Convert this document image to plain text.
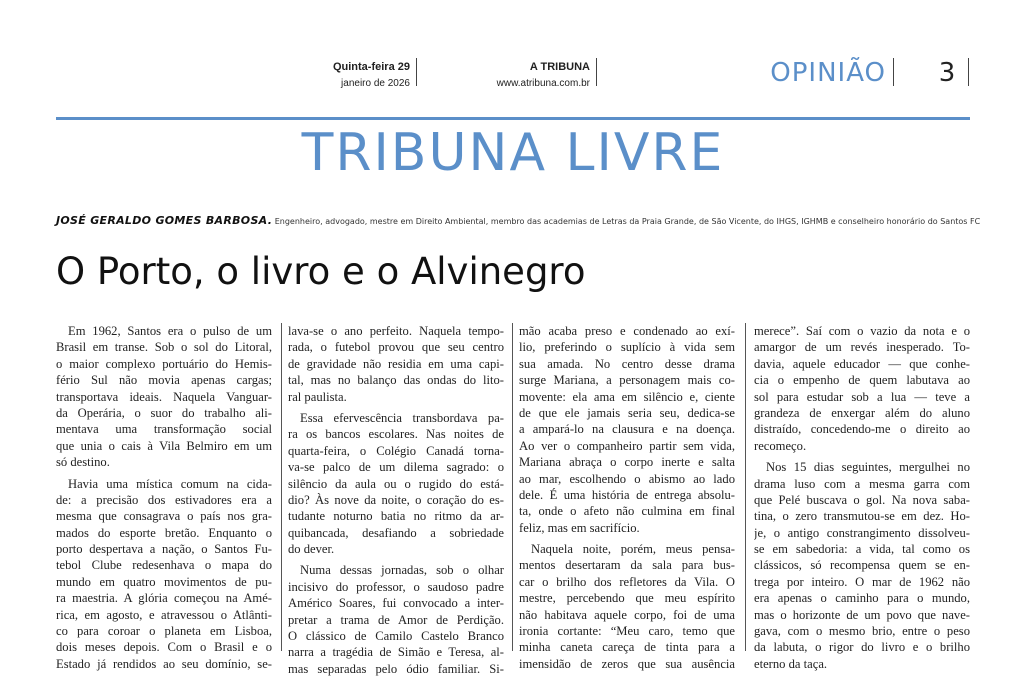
Quinta-feira 29
janeiro de 2026
A TRIBUNA
www.atribuna.com.br	OPINIÃO 3
TRIBUNA LIVRE
JOSÉ GERALDO GOMES BARBOSA. Engenheiro, advogado, mestre em Direito Ambiental, membro das academias de Letras da Praia Grande, de São Vicente, do IHGS, IGHMB e conselheiro honorário do Santos FC
O Porto, o livro e o Alvinegro
Em 1962, Santos era o pulso de um
Brasil em transe. Sob o sol do Litoral,
o maior complexo portuário do Hemis-
fério Sul não movia apenas cargas;
transportava ideais. Naquela Vanguar-
da Operária, o suor do trabalho ali-
mentava uma transformação social
que unia o cais à Vila Belmiro em um
só destino.
Havia uma mística comum na cida-
de: a precisão dos estivadores era a
mesma que consagrava o país nos gra-
mados do esporte bretão. Enquanto o
porto despertava a nação, o Santos Fu-
tebol Clube redesenhava o mapa do
mundo em quatro movimentos de pu-
ra maestria. A glória começou na Amé-
rica, em agosto, e atravessou o Atlânti-
co para coroar o planeta em Lisboa,
dois meses depois. Com o Brasil e o
Estado já rendidos ao seu domínio, se-
lava-se o ano perfeito. Naquela tempo-
rada, o futebol provou que seu centro
de gravidade não residia em uma capi-
tal, mas no balanço das ondas do lito-
ral paulista.
Essa efervescência transbordava pa-
ra os bancos escolares. Nas noites de
quarta-feira, o Colégio Canadá torna-
va-se palco de um dilema sagrado: o
silêncio da aula ou o rugido do está-
dio? Às nove da noite, o coração do es-
tudante noturno batia no ritmo da ar-
quibancada, desafiando a sobriedade
do dever.
Numa dessas jornadas, sob o olhar
incisivo do professor, o saudoso padre
Américo Soares, fui convocado a inter-
pretar a trama de Amor de Perdição.
O clássico de Camilo Castelo Branco
narra a tragédia de Simão e Teresa, al-
mas separadas pelo ódio familiar. Si-
mão acaba preso e condenado ao exí-
lio, preferindo o suplício à vida sem
sua amada. No centro desse drama
surge Mariana, a personagem mais co-
movente: ela ama em silêncio e, ciente
de que ele jamais seria seu, dedica-se
a ampará-lo na clausura e na doença.
Ao ver o companheiro partir sem vida,
Mariana abraça o corpo inerte e salta
ao mar, escolhendo o abismo ao lado
dele. É uma história de entrega absolu-
ta, onde o afeto não culmina em final
feliz, mas em sacrifício.
Naquela noite, porém, meus pensa-
mentos desertaram da sala para bus-
car o brilho dos refletores da Vila. O
mestre, percebendo que meu espírito
não habitava aquele corpo, foi de uma
ironia cortante: “Meu caro, temo que
minha caneta careça de tinta para a
imensidão de zeros que sua ausência
merece”. Saí com o vazio da nota e o
amargor de um revés inesperado. To-
davia, aquele educador — que conhe-
cia o empenho de quem labutava ao
sol para estudar sob a lua — teve a
grandeza de enxergar além do aluno
distraído, concedendo-me o direito ao
recomeço.
Nos 15 dias seguintes, mergulhei no
drama luso com a mesma garra com
que Pelé buscava o gol. Na nova saba-
tina, o zero transmutou-se em dez. Ho-
je, o antigo constrangimento dissolveu-
se em sabedoria: a vida, tal como os
clássicos, só recompensa quem se en-
trega por inteiro. O mar de 1962 não
era apenas o caminho para o mundo,
mas o horizonte de um povo que nave-
gava, com o mesmo brio, entre o peso
da labuta, o rigor do livro e o brilho
eterno da taça.
